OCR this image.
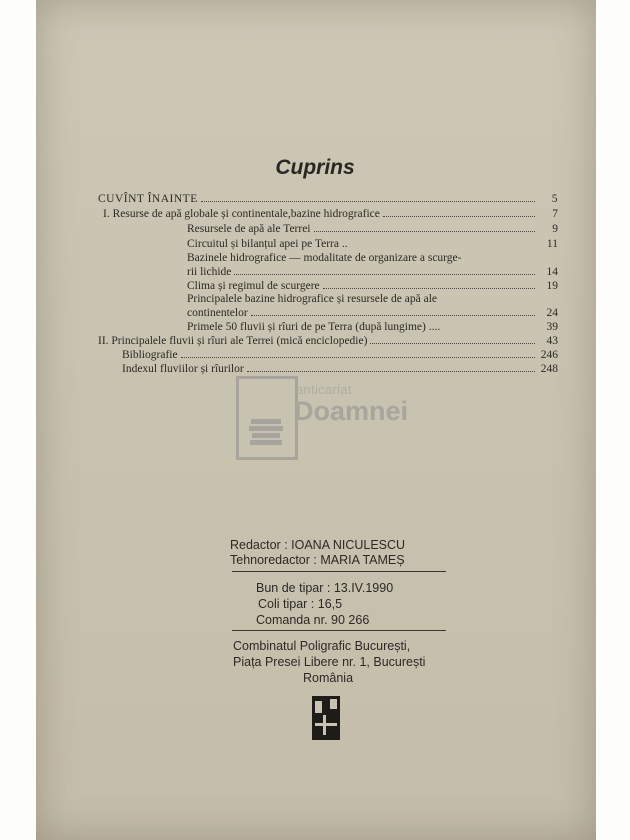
Cuprins
CUVÎNT ÎNAINTE	5
I. Resurse de apă globale și continentale,bazine hidrografice	7
Resursele de apă ale Terrei	9
Circuitul și bilanțul apei pe Terra ..	11
Bazinele hidrografice — modalitate de organizare a scurge-
rii lichide	14
Clima și regimul de scurgere	19
Principalele bazine hidrografice și resursele de apă ale
continentelor	24
Primele 50 fluvii și rîuri de pe Terra (după lungime) ....	39
II. Principalele fluvii și rîuri ale Terrei (mică enciclopedie)	43
Bibliografie	246
Indexul fluviilor și rîurilor	248
anticariat
Doamnei
Redactor : IOANA NICULESCU
Tehnoredactor : MARIA TAMEȘ
Bun de tipar : 13.IV.1990
Coli tipar : 16,5
Comanda nr. 90 266
Combinatul Poligrafic București,
Piața Presei Libere nr. 1, București
România
